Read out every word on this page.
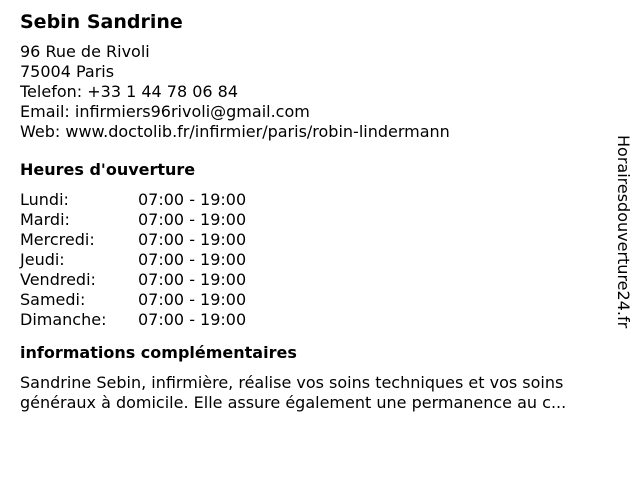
Sebin Sandrine
96 Rue de Rivoli
75004 Paris
Telefon: +33 1 44 78 06 84
Email: infirmiers96rivoli@gmail.com
Web: www.doctolib.fr/infirmier/paris/robin-lindermann
Heures d'ouverture
Lundi:	07:00 - 19:00
Mardi:	07:00 - 19:00
Mercredi:	07:00 - 19:00
Jeudi:	07:00 - 19:00
Vendredi:	07:00 - 19:00
Samedi:	07:00 - 19:00
Dimanche:	07:00 - 19:00
informations complémentaires
Sandrine Sebin, infirmière, réalise vos soins techniques et vos soins
généraux à domicile. Elle assure également une permanence au c...
Horairesdouverture24.fr
